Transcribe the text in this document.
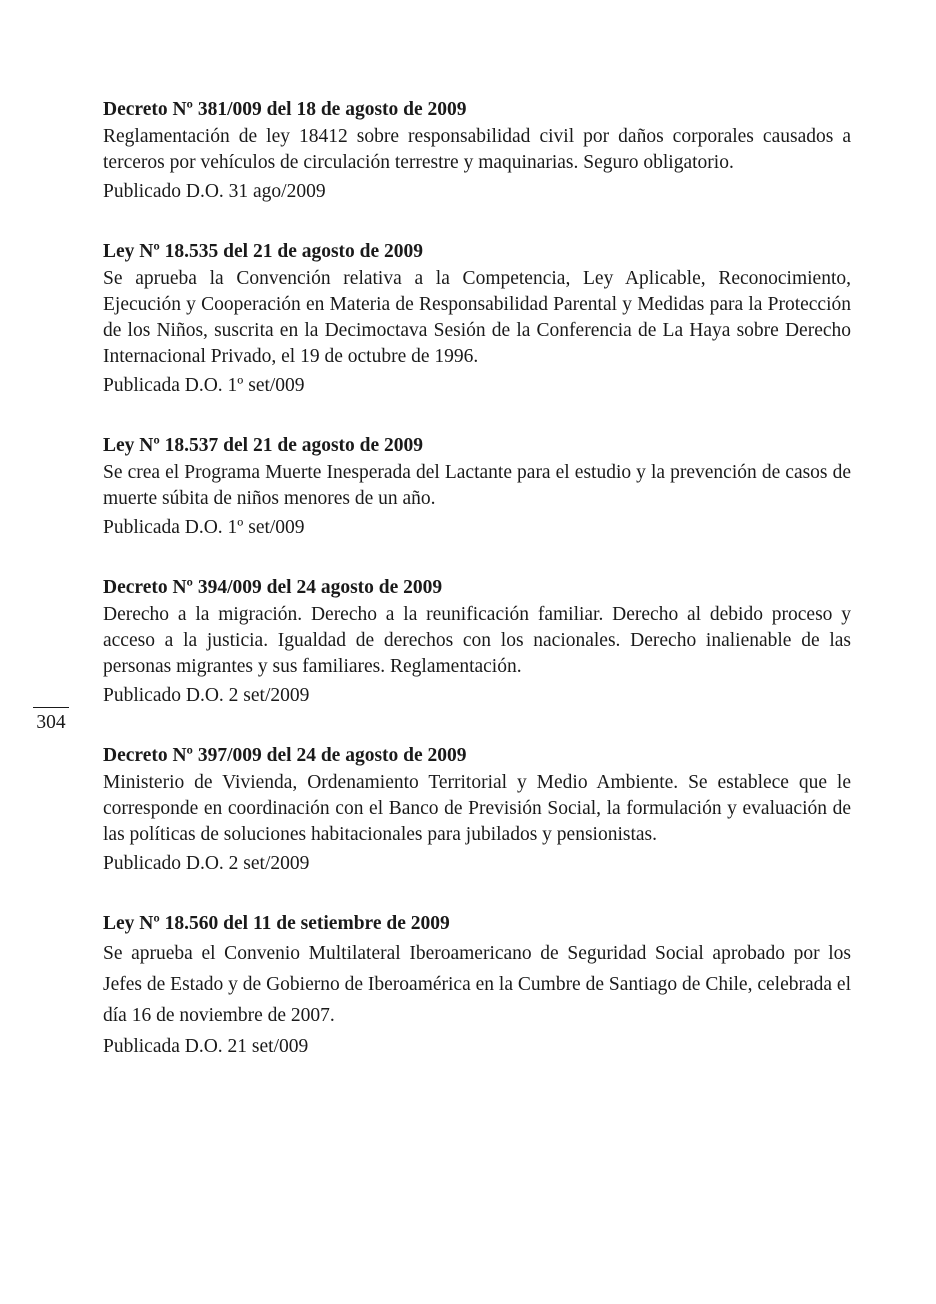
Decreto Nº 381/009 del 18 de agosto de 2009

Reglamentación de ley 18412 sobre responsabilidad civil por daños corporales causados a terceros por vehículos de circulación terrestre y maquinarias. Seguro obligatorio.

Publicado D.O. 31 ago/2009

Ley Nº 18.535 del 21 de agosto de 2009

Se aprueba la Convención relativa a la Competencia, Ley Aplicable, Reconocimiento, Ejecución y Cooperación en Materia de Responsabilidad Parental y Medidas para la Protección de los Niños, suscrita en la Decimoctava Sesión de la Conferencia de La Haya sobre Derecho Internacional Privado, el 19 de octubre de 1996.

Publicada D.O. 1º set/009

Ley Nº 18.537 del 21 de agosto de 2009

Se crea el Programa Muerte Inesperada del Lactante para el estudio y la prevención de casos de muerte súbita de niños menores de un año.

Publicada D.O. 1º set/009

Decreto Nº 394/009 del 24 agosto de 2009

Derecho a la migración. Derecho a la reunificación familiar. Derecho al debido proceso y acceso a la justicia. Igualdad de derechos con los nacionales. Derecho inalienable de las personas migrantes y sus familiares. Reglamentación.

Publicado D.O. 2 set/2009

Decreto Nº 397/009 del 24 de agosto de 2009

Ministerio de Vivienda, Ordenamiento Territorial y Medio Ambiente. Se establece que le corresponde en coordinación con el Banco de Previsión Social, la formulación y evaluación de las políticas de soluciones habitacionales para jubilados y pensionistas.

Publicado D.O. 2 set/2009

Ley Nº 18.560 del 11 de setiembre de 2009

Se aprueba el Convenio Multilateral Iberoamericano de Seguridad Social aprobado por los Jefes de Estado y de Gobierno de Iberoamérica en la Cumbre de Santiago de Chile, celebrada el día 16 de noviembre de 2007.

Publicada D.O. 21 set/009

304
